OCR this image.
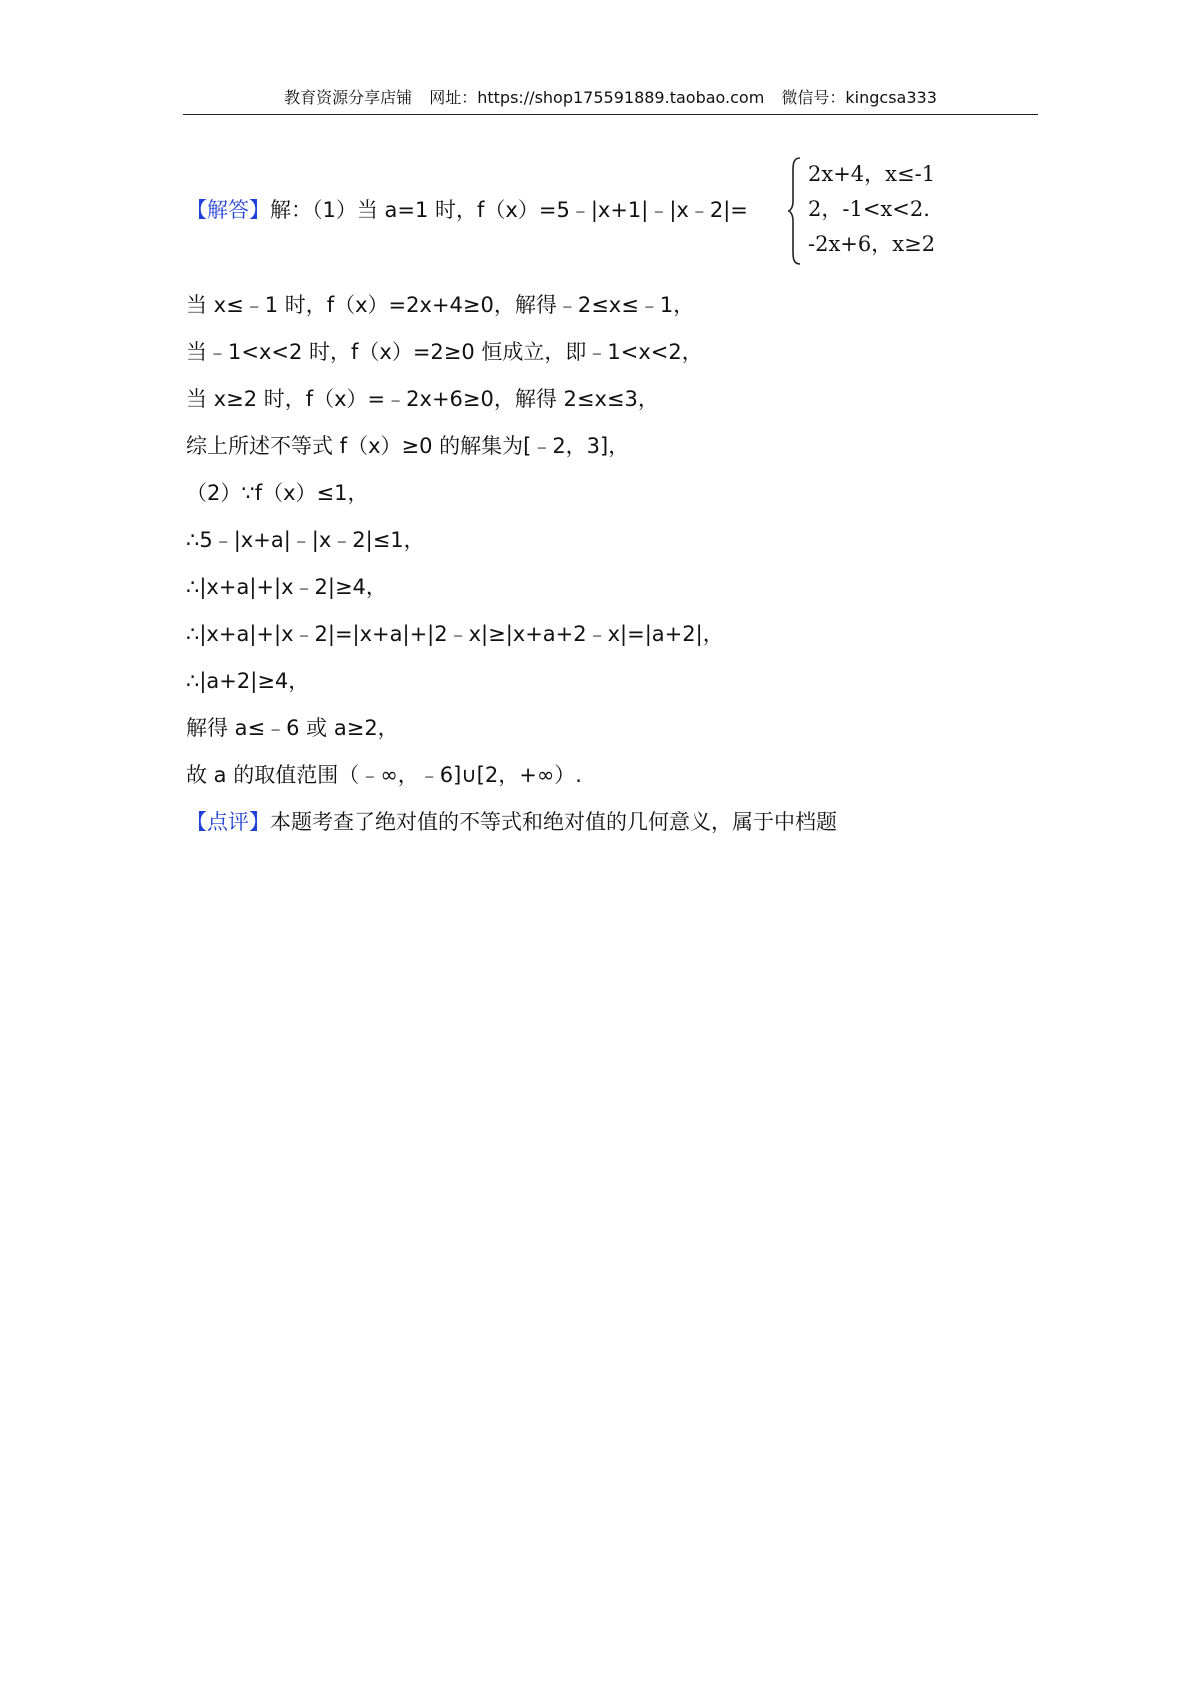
教育资源分享店铺 网址：https://shop175591889.taobao.com 微信号：kingcsa333
【解答】解：（1）当 a=1 时，f（x）=5﹣|x+1|﹣|x﹣2|=
2x+4，x≤-1
2，-1<x<2.
-2x+6，x≥2
当 x≤﹣1 时，f（x）=2x+4≥0，解得﹣2≤x≤﹣1，
当﹣1<x<2 时，f（x）=2≥0 恒成立，即﹣1<x<2，
当 x≥2 时，f（x）=﹣2x+6≥0，解得 2≤x≤3，
综上所述不等式 f（x）≥0 的解集为[﹣2，3]，
（2）∵f（x）≤1，
∴5﹣|x+a|﹣|x﹣2|≤1，
∴|x+a|+|x﹣2|≥4，
∴|x+a|+|x﹣2|=|x+a|+|2﹣x|≥|x+a+2﹣x|=|a+2|，
∴|a+2|≥4，
解得 a≤﹣6 或 a≥2，
故 a 的取值范围（﹣∞，﹣6]∪[2，+∞）.
【点评】本题考查了绝对值的不等式和绝对值的几何意义，属于中档题
